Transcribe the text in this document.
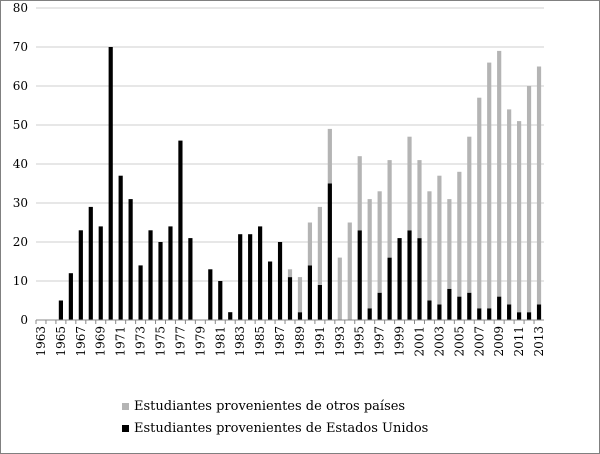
0
10
20
30
40
50
60
70
80
1963 1965 1967 1969 1971 1973 1975 1977 1979 1981 1983 1985 1987 1989 1991 1993 1995 1997 1999 2001 2003 2005 2007 2009 2011 2013
Estudiantes provenientes de otros países
Estudiantes provenientes de Estados Unidos
